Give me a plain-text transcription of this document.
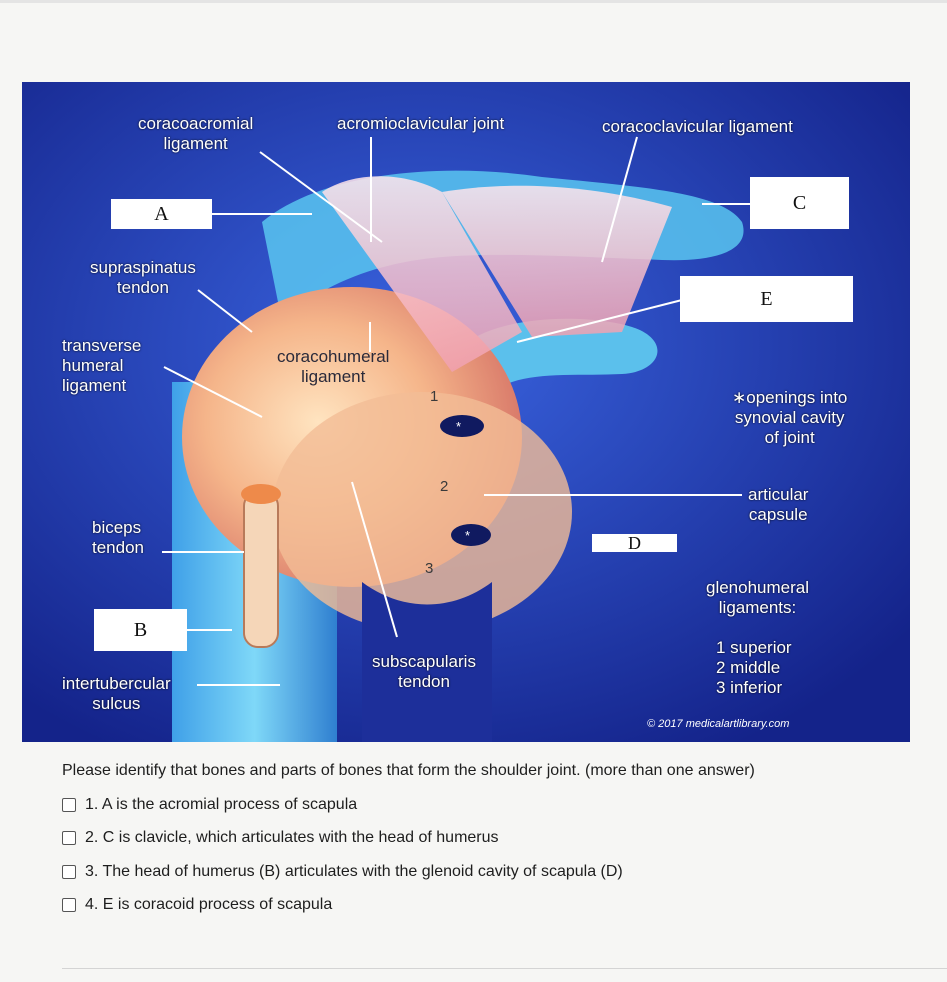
*
*
coracoacromial
ligament
acromioclavicular joint	coracoclavicular ligament
supraspinatus
tendon
transverse
humeral
ligament
coracohumeral
ligament
∗openings into
synovial cavity
of joint
articular
capsule
biceps
tendon
glenohumeral
ligaments:
1 superior
2 middle
3 inferior
subscapularis
tendon
intertubercular
sulcus
© 2017 medicalartlibrary.com
A	C
E
B
D
1
2
3
Please identify that bones and parts of bones that form the shoulder joint. (more than one answer)
1. A is the acromial process of scapula
2. C is clavicle, which articulates with the head of humerus
3. The head of humerus (B) articulates with the glenoid cavity of scapula (D)
4. E is coracoid process of scapula
